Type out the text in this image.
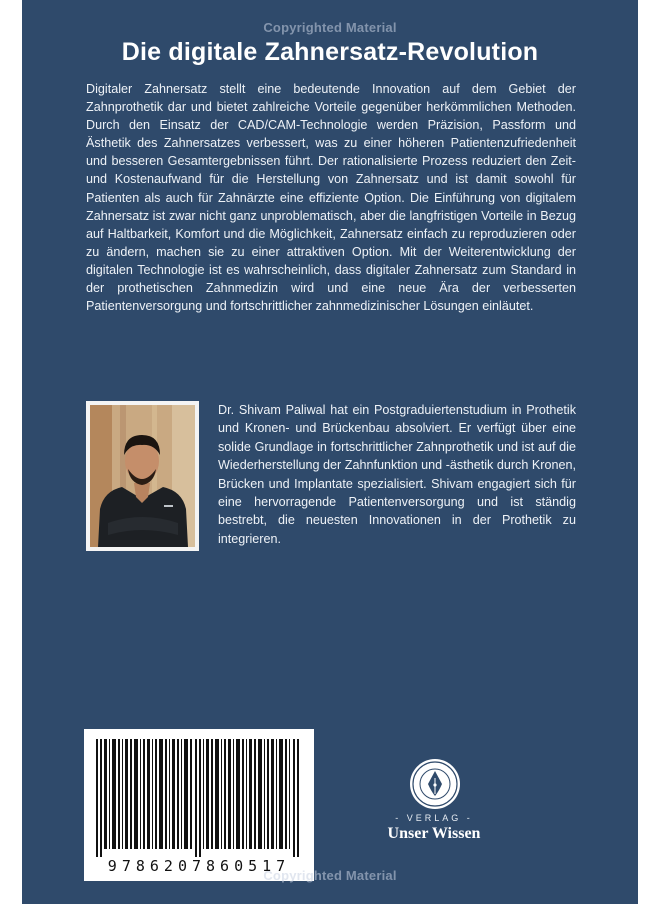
Copyrighted Material
Die digitale Zahnersatz-Revolution

Digitaler Zahnersatz stellt eine bedeutende Innovation auf dem Gebiet der Zahnprothetik dar und bietet zahlreiche Vorteile gegenüber herkömmlichen Methoden. Durch den Einsatz der CAD/CAM-Technologie werden Präzision, Passform und Ästhetik des Zahnersatzes verbessert, was zu einer höheren Patientenzufriedenheit und besseren Gesamtergebnissen führt. Der rationalisierte Prozess reduziert den Zeit- und Kostenaufwand für die Herstellung von Zahnersatz und ist damit sowohl für Patienten als auch für Zahnärzte eine effiziente Option. Die Einführung von digitalem Zahnersatz ist zwar nicht ganz unproblematisch, aber die langfristigen Vorteile in Bezug auf Haltbarkeit, Komfort und die Möglichkeit, Zahnersatz einfach zu reproduzieren oder zu ändern, machen sie zu einer attraktiven Option. Mit der Weiterentwicklung der digitalen Technologie ist es wahrscheinlich, dass digitaler Zahnersatz zum Standard in der prothetischen Zahnmedizin wird und eine neue Ära der verbesserten Patientenversorgung und fortschrittlicher zahnmedizinischer Lösungen einläutet.

Dr. Shivam Paliwal hat ein Postgraduiertenstudium in Prothetik und Kronen- und Brückenbau absolviert. Er verfügt über eine solide Grundlage in fortschrittlicher Zahnprothetik und ist auf die Wiederherstellung der Zahnfunktion und -ästhetik durch Kronen, Brücken und Implantate spezialisiert. Shivam engagiert sich für eine hervorragende Patientenversorgung und ist ständig bestrebt, die neuesten Innovationen in der Prothetik zu integrieren.

9786207860517
- VERLAG -
Unser Wissen
Copyrighted Material
